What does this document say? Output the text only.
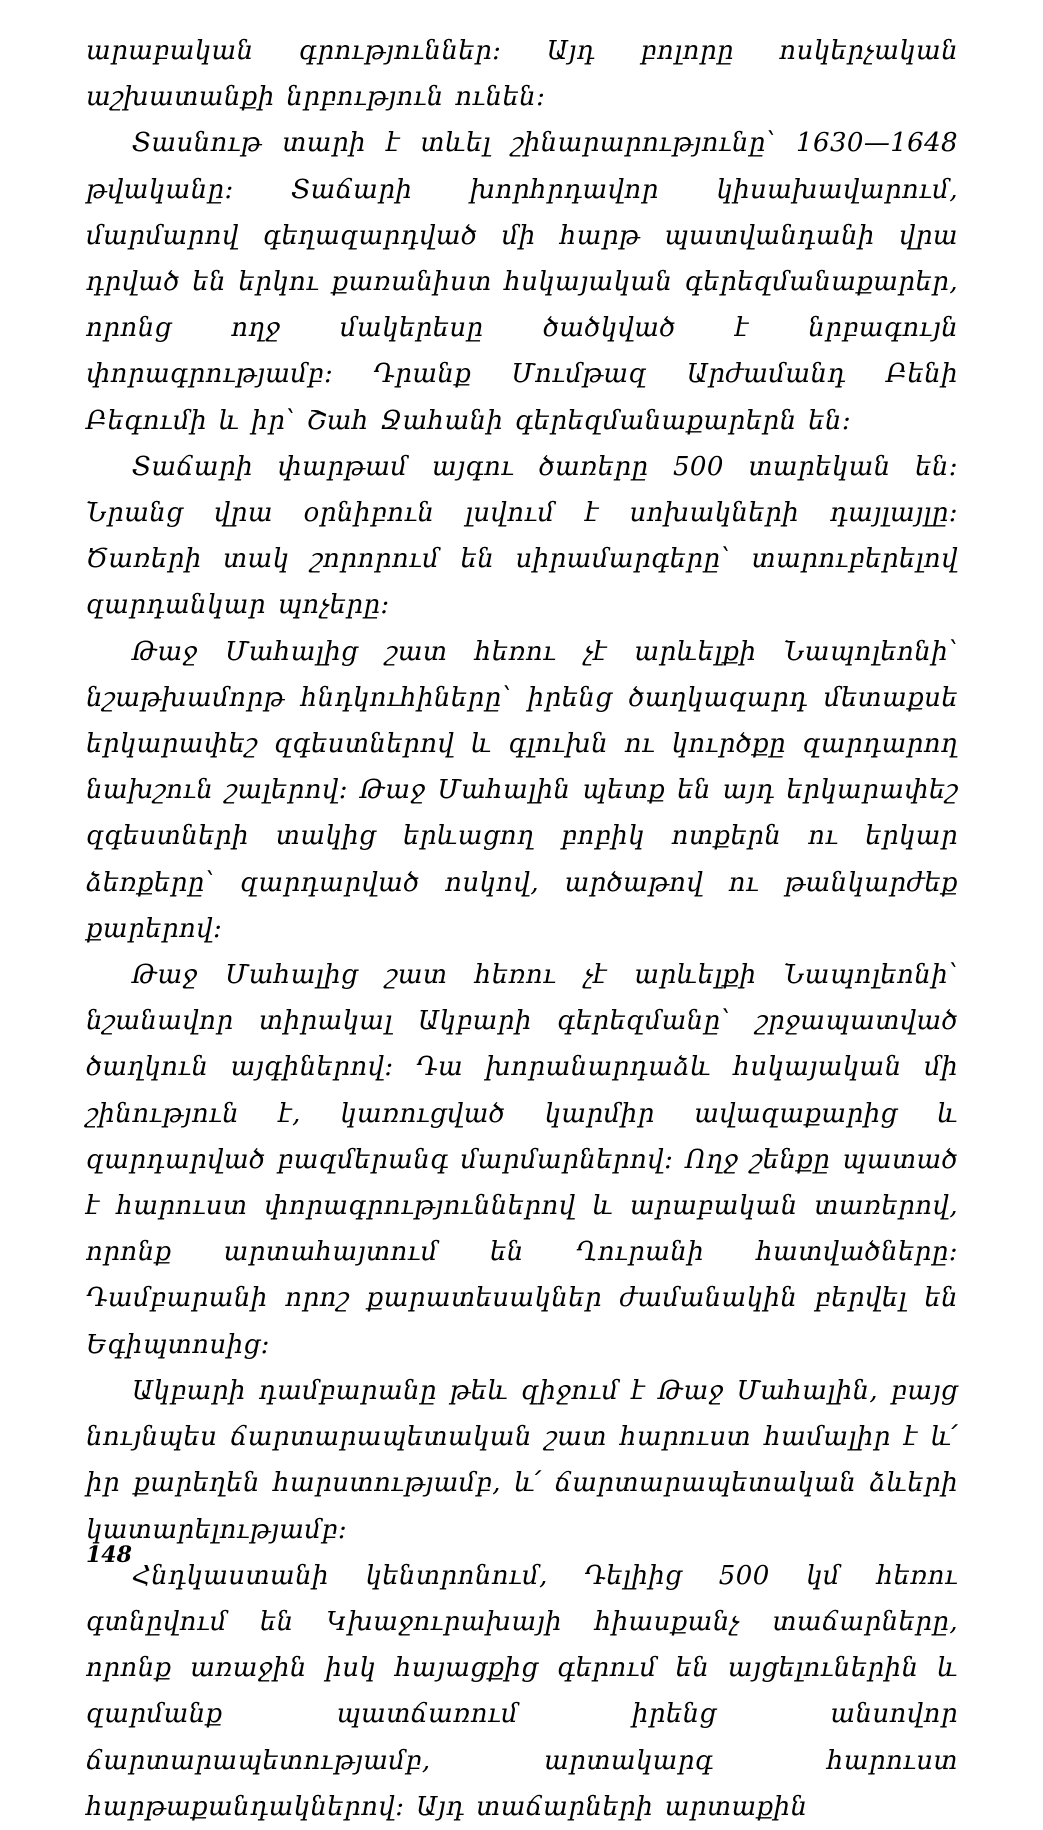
արաբական գրություններ։ Այդ բոլորը ոսկերչական աշխատանքի նրբություն ունեն։

Տասնութ տարի է տևել շինարարությունը՝ 1630—1648 թվականը։ Տաճարի խորհրդավոր կիսախավարում, մարմարով գեղազարդված մի հարթ պատվանդանի վրա դրված են երկու քառանիստ հսկայական գերեզմանաքարեր, որոնց ողջ մակերեսը ծածկված է նրբագույն փորագրությամբ։ Դրանք Մումթազ Արժամանդ Բենի Բեգումի և իր՝ Շահ Ջահանի գերեզմանաքարերն են։

Տաճարի փարթամ այգու ծառերը 500 տարեկան են։ Նրանց վրա օրնիբուն լսվում է սոխակների դայլայլը։ Ծառերի տակ շորորում են սիրամարգերը՝ տարուբերելով զարդանկար պոչերը։

Թաջ Մահալից շատ հեռու չէ արևելքի Նապոլեոնի՝ նշաթխամորթ հնդկուհիները՝ իրենց ծաղկազարդ մետաքսե երկարափեշ զգեստներով և գլուխն ու կուրծքը զարդարող նախշուն շալերով։ Թաջ Մահալին պետք են այդ երկարափեշ զգեստների տակից երևացող բոբիկ ոտքերն ու երկար ձեռքերը՝ զարդարված ոսկով, արծաթով ու թանկարժեք քարերով։

Թաջ Մահալից շատ հեռու չէ արևելքի Նապոլեոնի՝ նշանավոր տիրակալ Ակբարի գերեզմանը՝ շրջապատված ծաղկուն այգիներով։ Դա խորանարդաձև հսկայական մի շինություն է, կառուցված կարմիր ավազաքարից և զարդարված բազմերանգ մարմարներով։ Ողջ շենքը պատած է հարուստ փորագրություններով և արաբական տառերով, որոնք արտահայտում են Ղուրանի հատվածները։ Դամբարանի որոշ քարատեսակներ ժամանակին բերվել են Եգիպտոսից։

Ակբարի դամբարանը թեև զիջում է Թաջ Մահալին, բայց նույնպես ճարտարապետական շատ հարուստ համալիր է և՛ իր քարեղեն հարստությամբ, և՛ ճարտարապետական ձևերի կատարելությամբ։

Հնդկաստանի կենտրոնում, Դելիից 500 կմ հեռու գտնըվում են Կխաջուրախայի հիասքանչ տաճարները, որոնք առաջին իսկ հայացքից գերում են այցելուներին և զարմանք պատճառում իրենց անսովոր ճարտարապետությամբ, արտակարգ հարուստ հարթաքանդակներով։ Այդ տաճարների արտաքին

148
